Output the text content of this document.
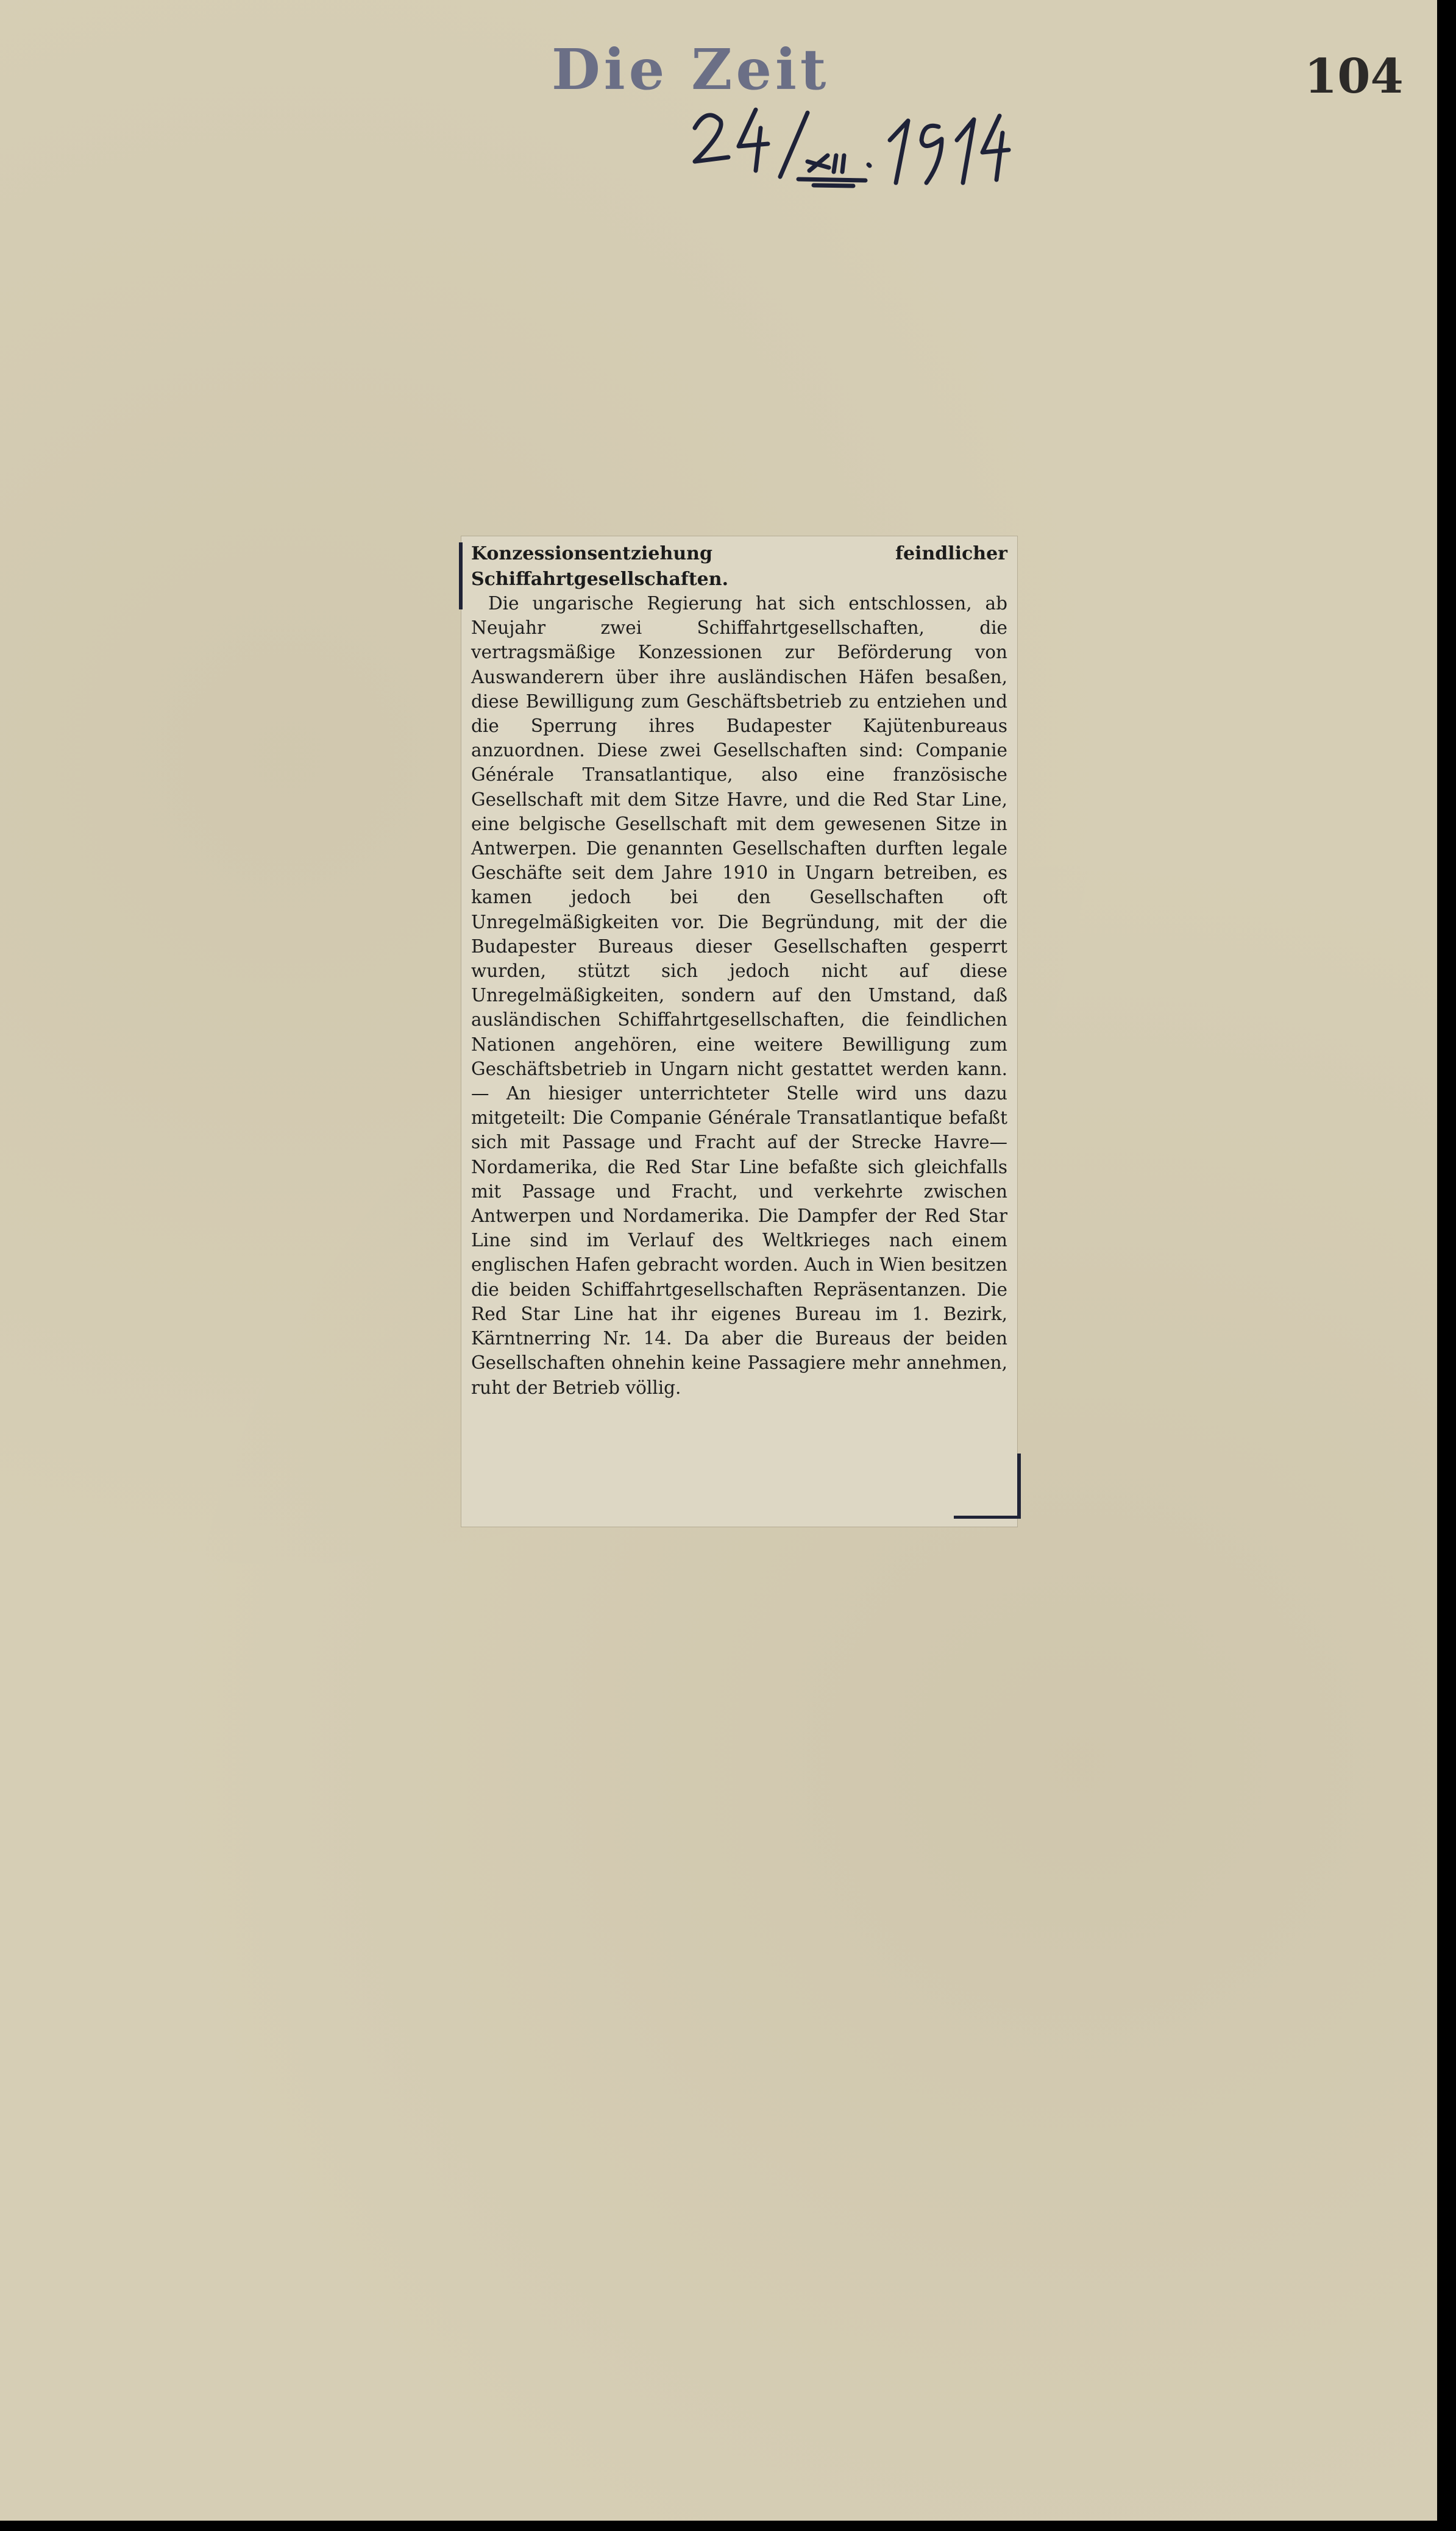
Die Zeit	104

Konzessionsentziehung feindlicher Schiffahrtgesellschaften.

Die ungarische Regierung hat sich entschlossen, ab Neujahr zwei Schiffahrtgesellschaften, die vertragsmäßige Konzessionen zur Beförderung von Auswanderern über ihre ausländischen Häfen besaßen, diese Bewilligung zum Geschäftsbetrieb zu entziehen und die Sperrung ihres Budapester Kajütenbureaus anzuordnen. Diese zwei Gesellschaften sind: Companie Générale Transatlantique, also eine französische Gesellschaft mit dem Sitze Havre, und die Red Star Line, eine belgische Gesellschaft mit dem gewesenen Sitze in Antwerpen. Die genannten Gesellschaften durften legale Geschäfte seit dem Jahre 1910 in Ungarn betreiben, es kamen jedoch bei den Gesellschaften oft Unregelmäßigkeiten vor. Die Begründung, mit der die Budapester Bureaus dieser Gesellschaften gesperrt wurden, stützt sich jedoch nicht auf diese Unregelmäßigkeiten, sondern auf den Umstand, daß ausländischen Schiffahrtgesellschaften, die feindlichen Nationen angehören, eine weitere Bewilligung zum Geschäftsbetrieb in Ungarn nicht gestattet werden kann. — An hiesiger unterrichteter Stelle wird uns dazu mitgeteilt: Die Companie Générale Transatlantique befaßt sich mit Passage und Fracht auf der Strecke Havre—Nordamerika, die Red Star Line befaßte sich gleichfalls mit Passage und Fracht, und verkehrte zwischen Antwerpen und Nordamerika. Die Dampfer der Red Star Line sind im Verlauf des Weltkrieges nach einem englischen Hafen gebracht worden. Auch in Wien besitzen die beiden Schiffahrtgesellschaften Repräsentanzen. Die Red Star Line hat ihr eigenes Bureau im 1. Bezirk, Kärntnerring Nr. 14. Da aber die Bureaus der beiden Gesellschaften ohnehin keine Passagiere mehr annehmen, ruht der Betrieb völlig.
